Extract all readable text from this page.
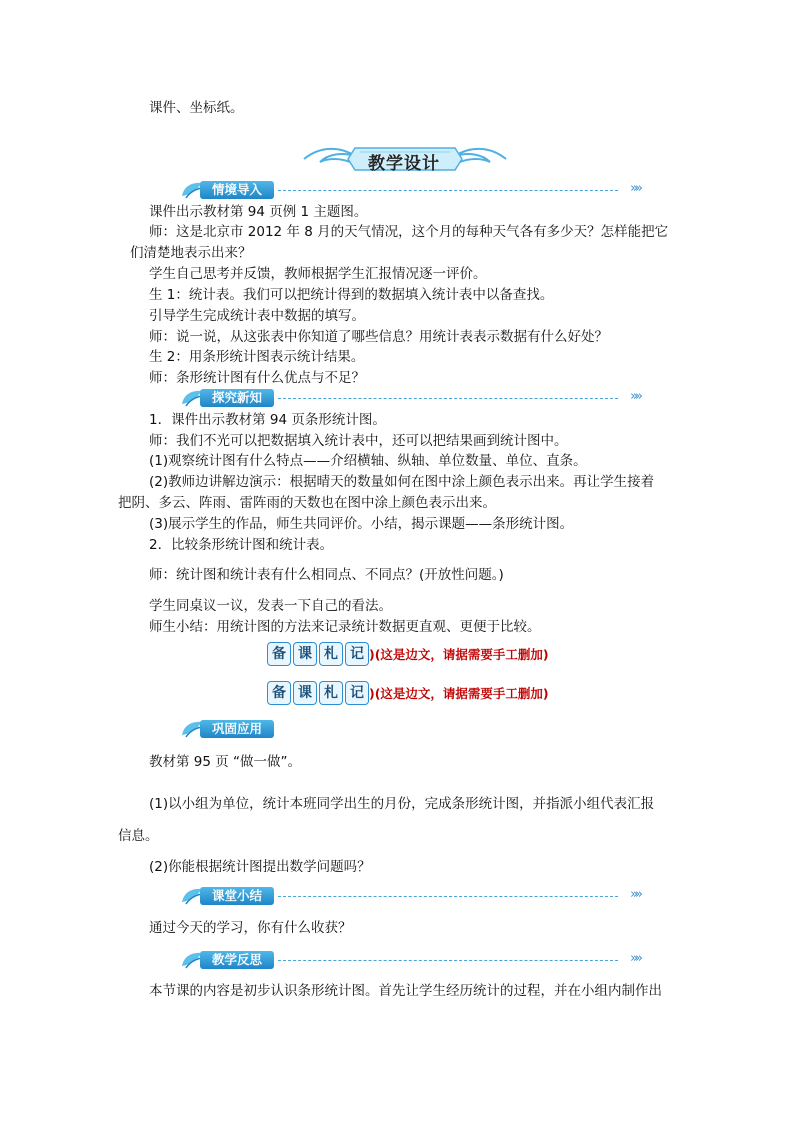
课件、坐标纸。
教学设计
情境导入	»»
课件出示教材第 94 页例 1 主题图。
师：这是北京市 2012 年 8 月的天气情况，这个月的每种天气各有多少天？怎样能把它
们清楚地表示出来？
学生自己思考并反馈，教师根据学生汇报情况逐一评价。
生 1：统计表。我们可以把统计得到的数据填入统计表中以备查找。
引导学生完成统计表中数据的填写。
师：说一说，从这张表中你知道了哪些信息？用统计表表示数据有什么好处？
生 2：用条形统计图表示统计结果。
师：条形统计图有什么优点与不足？
探究新知	»»
1．课件出示教材第 94 页条形统计图。
师：我们不光可以把数据填入统计表中，还可以把结果画到统计图中。
(1)观察统计图有什么特点——介绍横轴、纵轴、单位数量、单位、直条。
(2)教师边讲解边演示：根据晴天的数量如何在图中涂上颜色表示出来。再让学生接着
把阴、多云、阵雨、雷阵雨的天数也在图中涂上颜色表示出来。
(3)展示学生的作品，师生共同评价。小结，揭示课题——条形统计图。
2．比较条形统计图和统计表。
师：统计图和统计表有什么相同点、不同点？(开放性问题。)
学生同桌议一议，发表一下自己的看法。
师生小结：用统计图的方法来记录统计数据更直观、更便于比较。
备 课 札 记 )(这是边文，请据需要手工删加)
备 课 札 记 )(这是边文，请据需要手工删加)
巩固应用
教材第 95 页 “做一做”。
(1)以小组为单位，统计本班同学出生的月份，完成条形统计图，并指派小组代表汇报
信息。
(2)你能根据统计图提出数学问题吗？
课堂小结	»»
通过今天的学习，你有什么收获？
教学反思	»»
本节课的内容是初步认识条形统计图。首先让学生经历统计的过程，并在小组内制作出
